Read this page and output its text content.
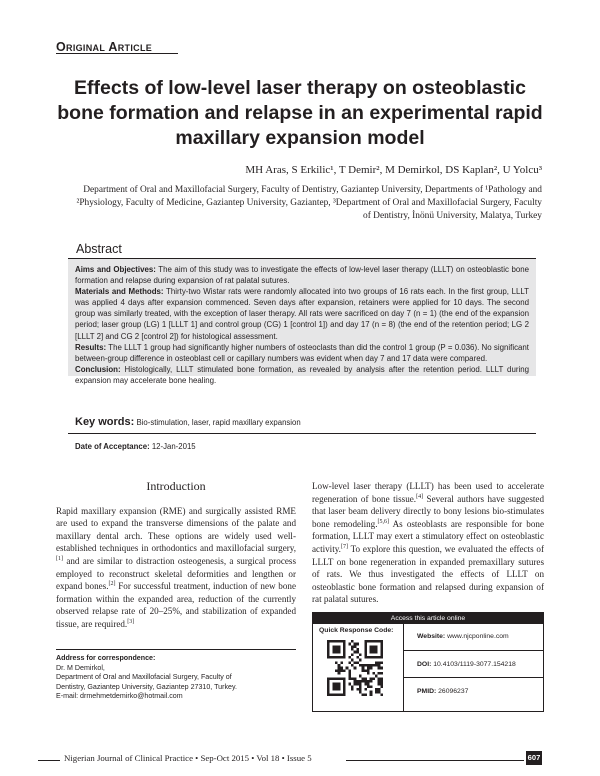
Original Article
Effects of low-level laser therapy on osteoblastic
bone formation and relapse in an experimental rapid
maxillary expansion model
MH Aras, S Erkilic¹, T Demir², M Demirkol, DS Kaplan², U Yolcu³
Department of Oral and Maxillofacial Surgery, Faculty of Dentistry, Gaziantep University, Departments of ¹Pathology and
²Physiology, Faculty of Medicine, Gaziantep University, Gaziantep, ³Department of Oral and Maxillofacial Surgery, Faculty
of Dentistry, İnönü University, Malatya, Turkey
Abstract

Aims and Objectives: The aim of this study was to investigate the effects of low-level laser therapy (LLLT) on osteoblastic bone formation and relapse during expansion of rat palatal sutures.

Materials and Methods: Thirty-two Wistar rats were randomly allocated into two groups of 16 rats each. In the first group, LLLT was applied 4 days after expansion commenced. Seven days after expansion, retainers were applied for 10 days. The second group was similarly treated, with the exception of laser therapy. All rats were sacrificed on day 7 (n = 1) (the end of the expansion period; laser group (LG) 1 [LLLT 1] and control group (CG) 1 [control 1]) and day 17 (n = 8) (the end of the retention period; LG 2 [LLLT 2] and CG 2 [control 2]) for histological assessment.

Results: The LLLT 1 group had significantly higher numbers of osteoclasts than did the control 1 group (P = 0.036). No significant between-group difference in osteoblast cell or capillary numbers was evident when day 7 and 17 data were compared.

Conclusion: Histologically, LLLT stimulated bone formation, as revealed by analysis after the retention period. LLLT during expansion may accelerate bone healing.

Key words: Bio-stimulation, laser, rapid maxillary expansion
Date of Acceptance: 12-Jan-2015
Introduction
Rapid maxillary expansion (RME) and surgically assisted RME are used to expand the transverse dimensions of the palate and maxillary dental arch. These options are widely used well-established techniques in orthodontics and maxillofacial surgery,[1] and are similar to distraction osteogenesis, a surgical process employed to reconstruct skeletal deformities and lengthen or expand bones.[2] For successful treatment, induction of new bone formation within the expanded area, reduction of the currently observed relapse rate of 20–25%, and stabilization of expanded tissue, are required.[3]
Low-level laser therapy (LLLT) has been used to accelerate regeneration of bone tissue.[4] Several authors have suggested that laser beam delivery directly to bony lesions bio-stimulates bone remodeling.[5,6] As osteoblasts are responsible for bone formation, LLLT may exert a stimulatory effect on osteoblastic activity.[7] To explore this question, we evaluated the effects of LLLT on bone regeneration in expanded premaxillary sutures of rats. We thus investigated the effects of LLLT on osteoblastic bone formation and relapsed during expansion of rat palatal sutures.
Address for correspondence:
Dr. M Demirkol,
Department of Oral and Maxillofacial Surgery, Faculty of
Dentistry, Gaziantep University, Gaziantep 27310, Turkey.
E-mail: drmehmetdemirko@hotmail.com
Access this article online
Quick Response Code:
Website: www.njcponline.com
DOI: 10.4103/1119-3077.154218
PMID: 26096237
Nigerian Journal of Clinical Practice • Sep-Oct 2015 • Vol 18 • Issue 5	607
